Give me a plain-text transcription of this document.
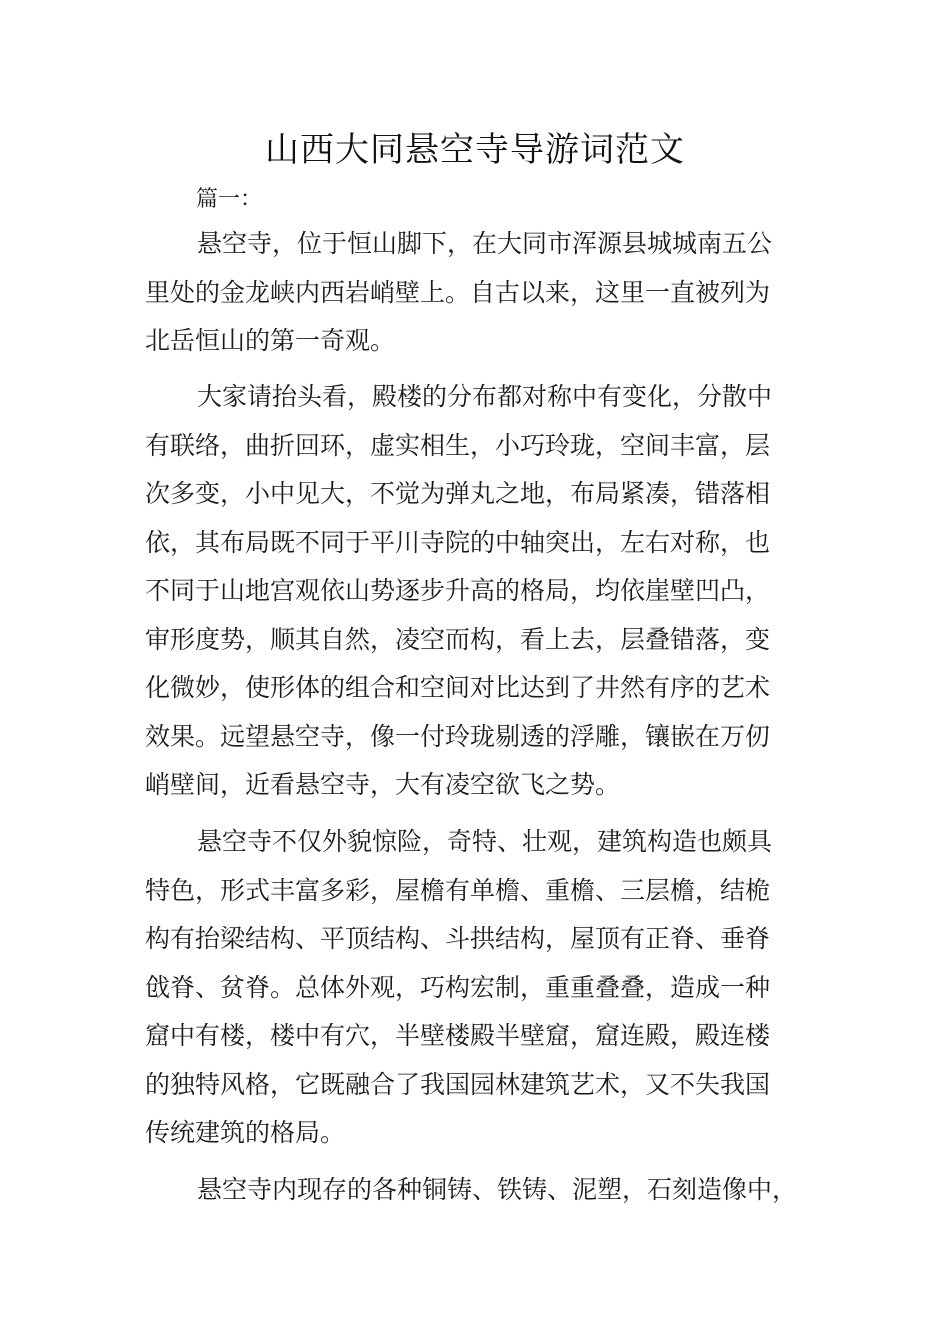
山西大同悬空寺导游词范文
篇一：
悬空寺，位于恒山脚下，在大同市浑源县城城南五公
里处的金龙峡内西岩峭壁上。自古以来，这里一直被列为
北岳恒山的第一奇观。
大家请抬头看，殿楼的分布都对称中有变化，分散中
有联络，曲折回环，虚实相生，小巧玲珑，空间丰富，层
次多变，小中见大，不觉为弹丸之地，布局紧凑，错落相
依，其布局既不同于平川寺院的中轴突出，左右对称，也
不同于山地宫观依山势逐步升高的格局，均依崖壁凹凸，
审形度势，顺其自然，凌空而构，看上去，层叠错落，变
化微妙，使形体的组合和空间对比达到了井然有序的艺术
效果。远望悬空寺，像一付玲珑剔透的浮雕，镶嵌在万仞
峭壁间，近看悬空寺，大有凌空欲飞之势。
悬空寺不仅外貌惊险，奇特、壮观，建筑构造也颇具
特色，形式丰富多彩，屋檐有单檐、重檐、三层檐，结桅
构有抬梁结构、平顶结构、斗拱结构，屋顶有正脊、垂脊
戗脊、贫脊。总体外观，巧构宏制，重重叠叠，造成一种
窟中有楼，楼中有穴，半壁楼殿半壁窟，窟连殿，殿连楼
的独特风格，它既融合了我国园林建筑艺术，又不失我国
传统建筑的格局。
悬空寺内现存的各种铜铸、铁铸、泥塑，石刻造像中，
